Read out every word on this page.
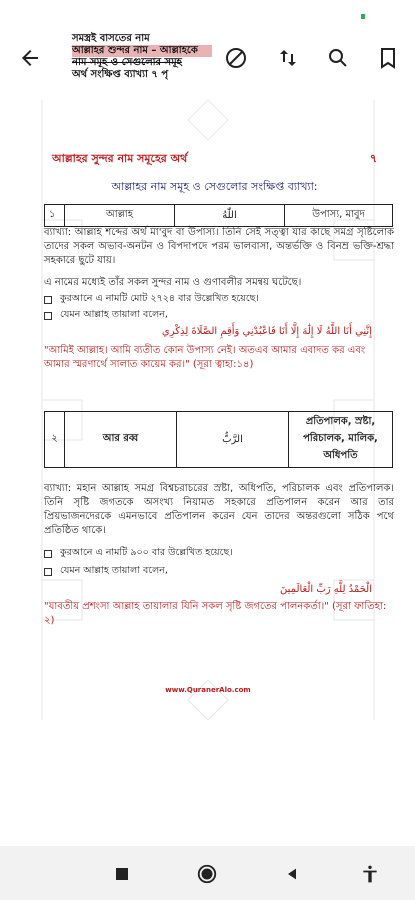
সমস্ত্রই বাসতের নাম
আল্লাহর শুন্দর নাম – আল্লাহকে
নাম সমূহ ও সেগুলোর সমূহ
অর্থ সংক্ষিপ্ত ব্যাখ্যা ৭ পৃ
আল্লাহর সুন্দর নাম সমূহের অর্থ	৭
আল্লাহর নাম সমূহ ও সেগুলোর সংক্ষিপ্ত ব্যাখ্যা:
১	আল্লাহ	اللّٰهُ	উপাস্য, মাবুদ
ব্যাখ্যা: আল্লাহ শব্দের অর্থ মা'বুদ বা উপাস্য। তিনি সেই সত্ত্বা যার কাছে সমগ্র সৃষ্টিলোক তাদের সকল অভাব-অনটন ও বিপদাপদে পরম ভালবাসা, অন্তর্ভক্তি ও বিনম্র ভক্তি-শ্রদ্ধা সহকারে ছুটে যায়।
এ নামের মধ্যেই তাঁর সকল সুন্দর নাম ও গুণাবলীর সমন্বয় ঘটেছে।
কুরআনে এ নামটি মোট ২৭২৪ বার উল্লেখিত হয়েছে।
যেমন আল্লাহ তায়ালা বলেন,
إِنَّنِي أَنَا اللَّهُ لَا إِلَٰهَ إِلَّا أَنَا فَاعْبُدْنِي وَأَقِمِ الصَّلَاةَ لِذِكْرِي
"আমিই আল্লাহ। আমি ব্যতীত কোন উপাস্য নেই। অতএব আমার এবাদত কর এবং আমার স্মরণার্থে সালাত কায়েম কর।" (সূরা ত্বাহা:১৪)
২	আর রব্ব	الرَّبُّ	প্রতিপালক, স্রষ্টা, পরিচালক, মালিক, অধিপতি
ব্যাখ্যা: মহান আল্লাহ সমগ্র বিশ্বচরাচরের স্রষ্টা, অধিপতি, পরিচালক এবং প্রতিপালক। তিনি সৃষ্টি জগতকে অসংখ্য নিয়ামত সহকারে প্রতিপালন করেন আর তার প্রিয়ভাজনদেরকে এমনভাবে প্রতিপালন করেন যেন তাদের অন্তরগুলো সঠিক পথে প্রতিষ্ঠিত থাকে।
কুরআনে এ নামটি ৯০০ বার উল্লেখিত হয়েছে।
যেমন আল্লাহ তায়ালা বলেন,
الْحَمْدُ لِلَّهِ رَبِّ الْعَالَمِينَ
"যাবতীয় প্রশংসা আল্লাহ তায়ালার যিনি সকল সৃষ্টি জগতের পালনকর্তা।" (সূরা ফাতিহা: ২)
www.QuranerAlo.com
